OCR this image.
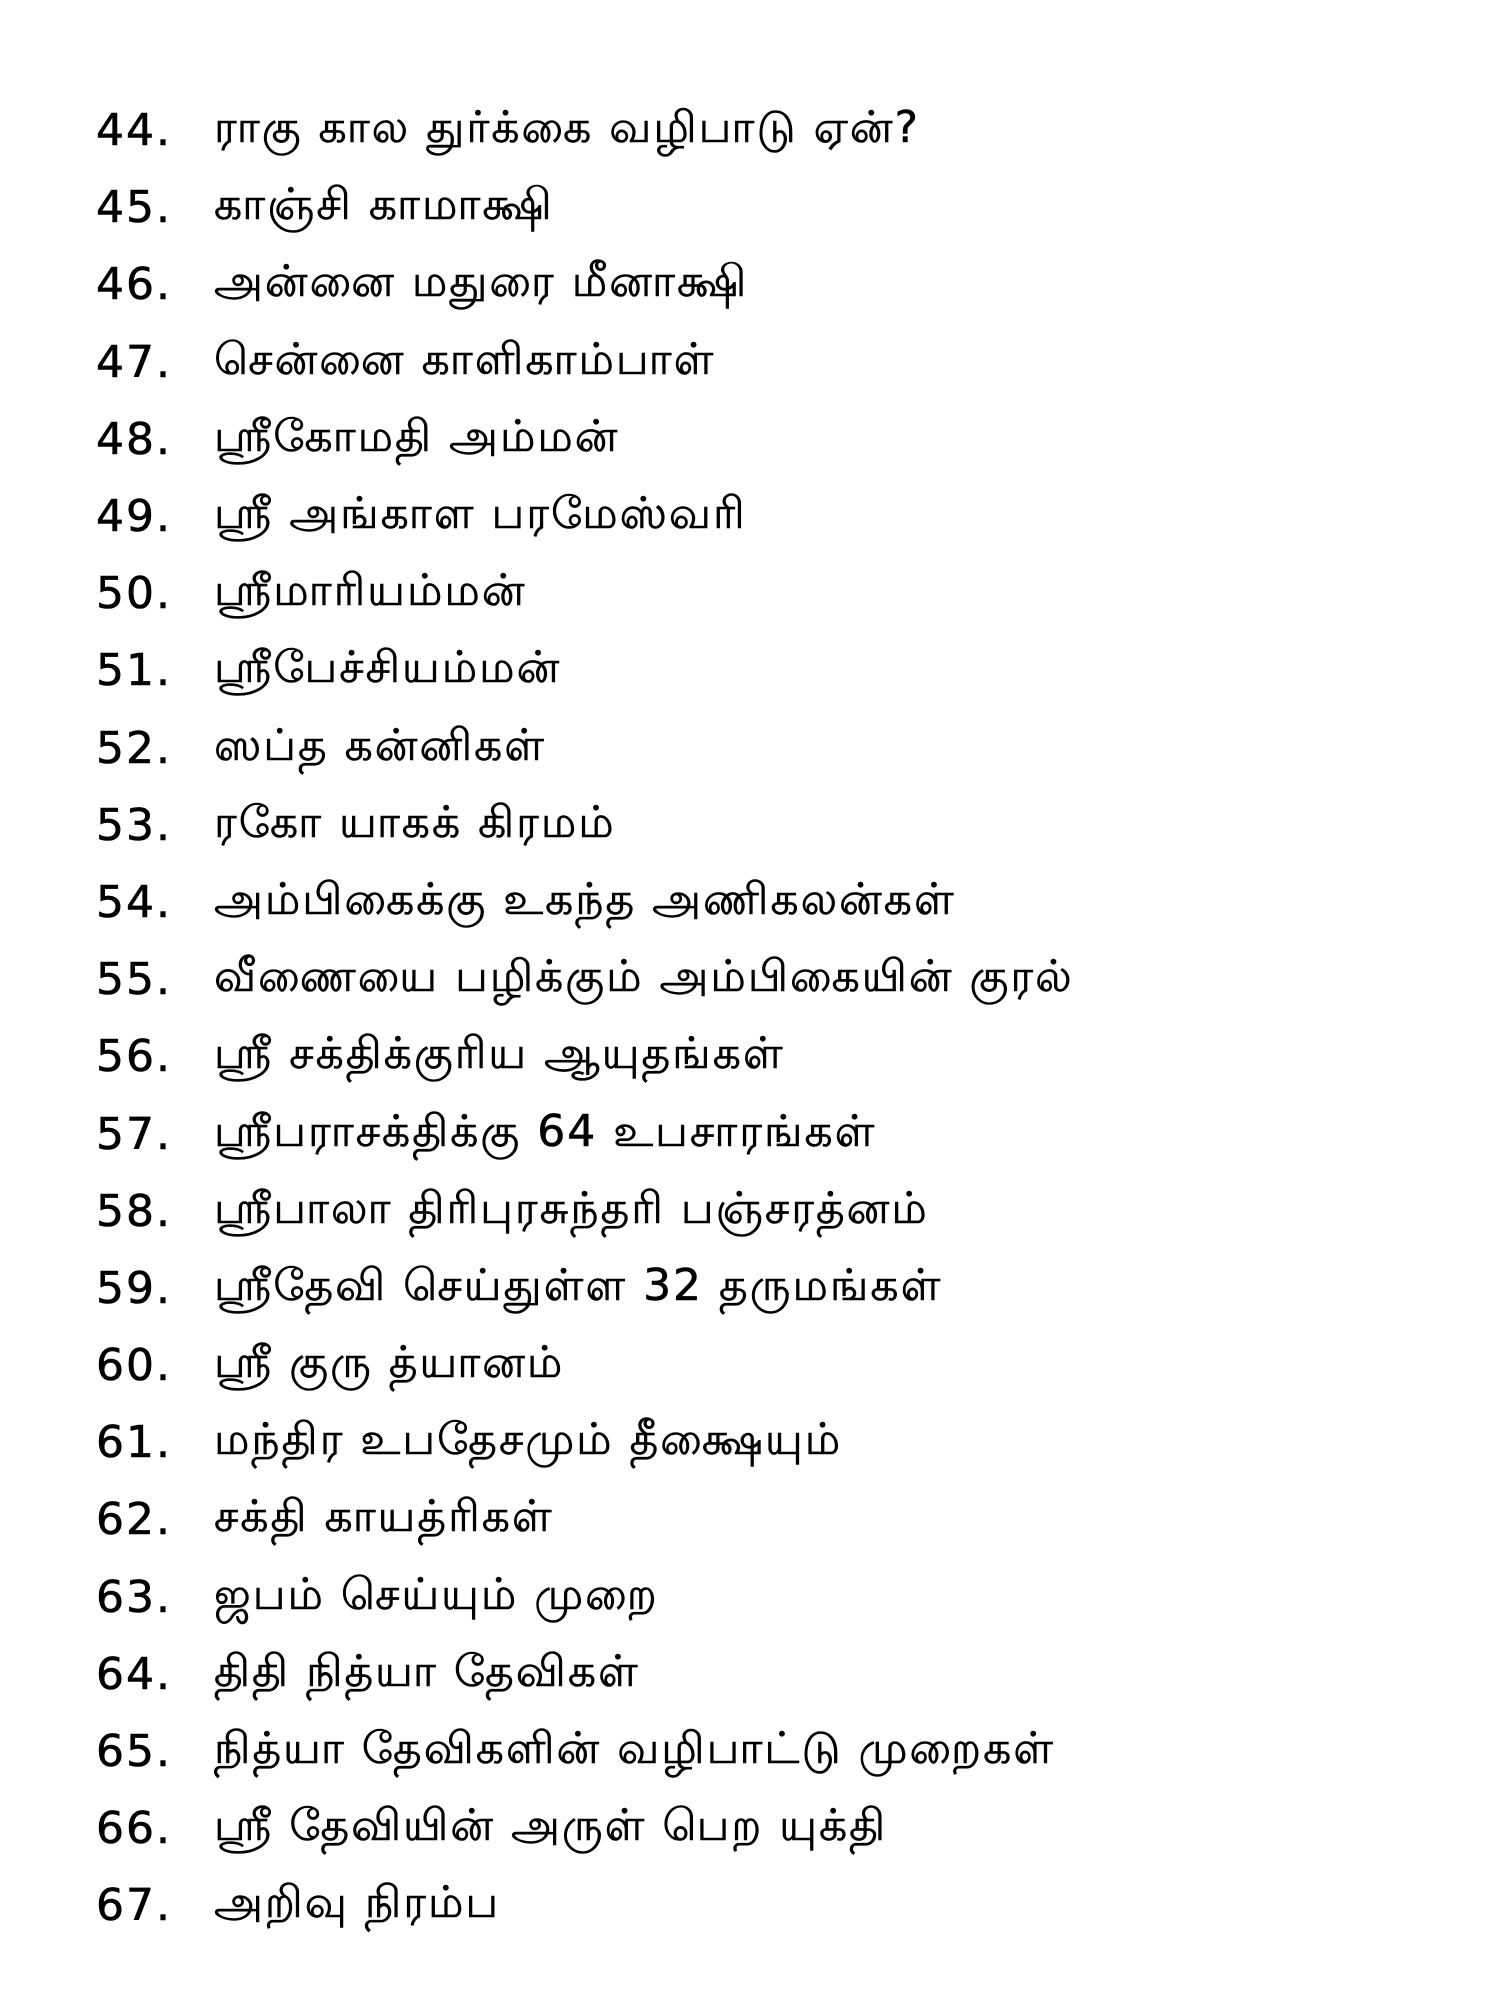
44. ராகு கால துர்க்கை வழிபாடு ஏன்?
45. காஞ்சி காமாக்ஷி
46. அன்னை மதுரை மீனாக்ஷி
47. சென்னை காளிகாம்பாள்
48. ஸ்ரீகோமதி அம்மன்
49. ஸ்ரீ அங்காள பரமேஸ்வரி
50. ஸ்ரீமாரியம்மன்
51. ஸ்ரீபேச்சியம்மன்
52. ஸப்த கன்னிகள்
53. ரகோ யாகக் கிரமம்
54. அம்பிகைக்கு உகந்த அணிகலன்கள்
55. வீணையை பழிக்கும் அம்பிகையின் குரல்
56. ஸ்ரீ சக்திக்குரிய ஆயுதங்கள்
57. ஸ்ரீபராசக்திக்கு 64 உபசாரங்கள்
58. ஸ்ரீபாலா திரிபுரசுந்தரி பஞ்சரத்னம்
59. ஸ்ரீதேவி செய்துள்ள 32 தருமங்கள்
60. ஸ்ரீ குரு த்யானம்
61. மந்திர உபதேசமும் தீக்ஷையும்
62. சக்தி காயத்ரிகள்
63. ஜபம் செய்யும் முறை
64. திதி நித்யா தேவிகள்
65. நித்யா தேவிகளின் வழிபாட்டு முறைகள்
66. ஸ்ரீ தேவியின் அருள் பெற யுக்தி
67. அறிவு நிரம்ப
